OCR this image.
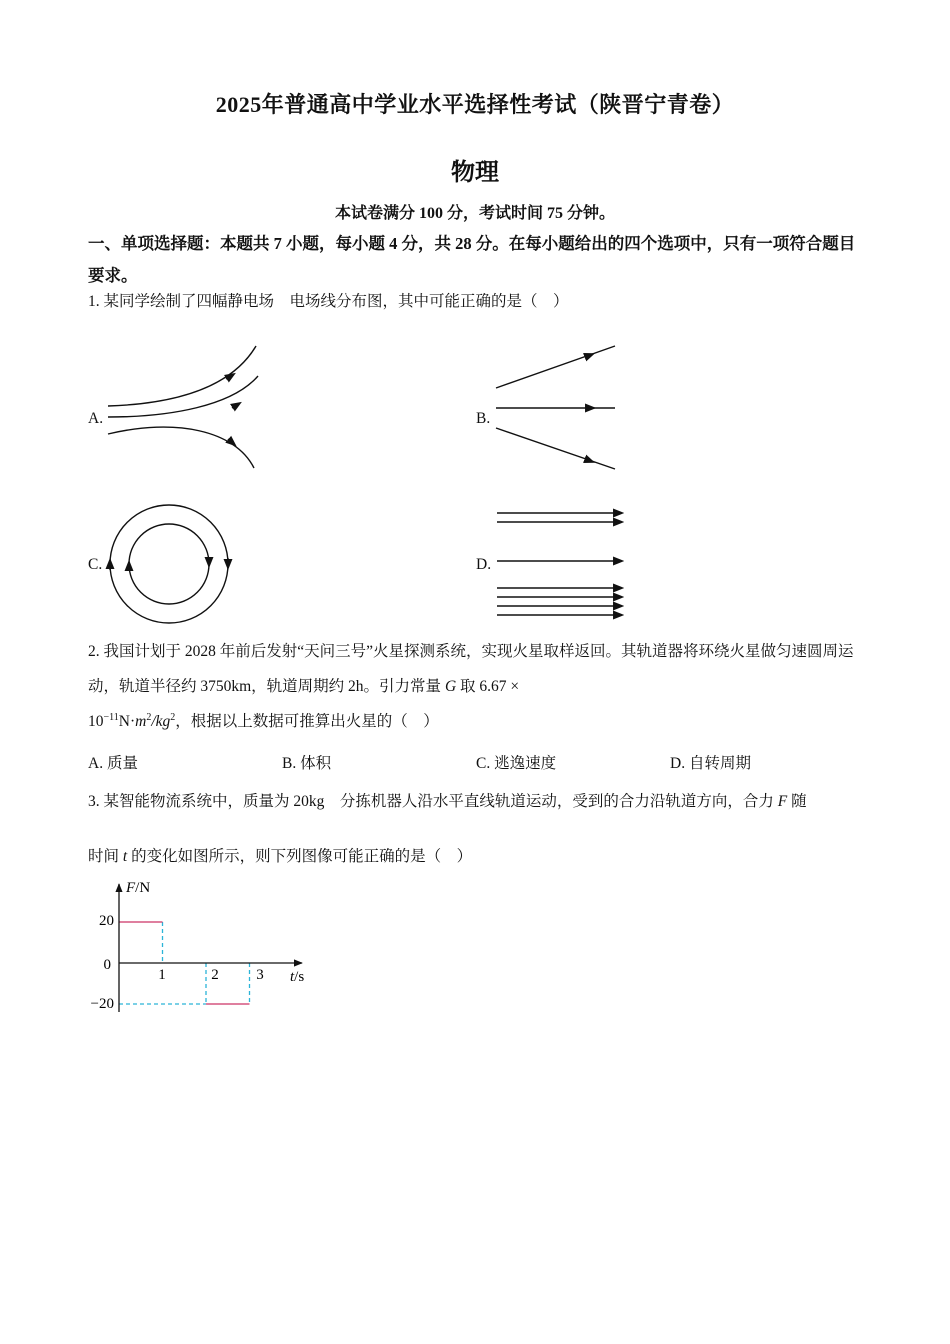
2025年普通高中学业水平选择性考试（陕晋宁青卷）
物理
本试卷满分 100 分，考试时间 75 分钟。
一、单项选择题：本题共 7 小题，每小题 4 分，共 28 分。在每小题给出的四个选项中，只有一项符合题目要求。
1. 某同学绘制了四幅静电场　电场线分布图，其中可能正确的是（　）
A.	B.
C.	D.
2. 我国计划于 2028 年前后发射“天问三号”火星探测系统，实现火星取样返回。其轨道器将环绕火星做匀速圆周运动，轨道半径约 3750km，轨道周期约 2h。引力常量 G 取 $6.67 \times 10^{-11}N\cdot m^2/kg^2$，根据以上数据可推算出火星的（　）
A. 质量	B. 体积	C. 逃逸速度	D. 自转周期
3. 某智能物流系统中，质量为 20kg　分拣机器人沿水平直线轨道运动，受到的合力沿轨道方向，合力 F 随
时间 t 的变化如图所示，则下列图像可能正确的是（　）
F/N
t/s
20
0
−20
1	2	3
